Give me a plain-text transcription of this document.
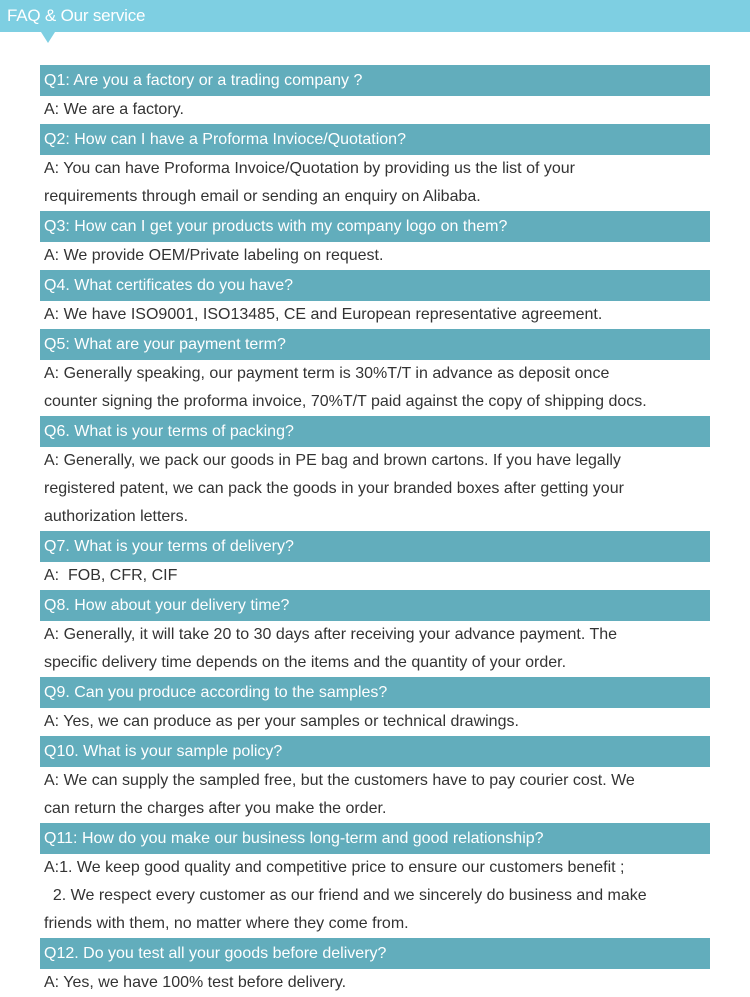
FAQ & Our service
Q1: Are you a factory or a trading company ?
A: We are a factory.
Q2: How can I have a Proforma Invioce/Quotation?
A: You can have Proforma Invoice/Quotation by providing us the list of your
requirements through email or sending an enquiry on Alibaba.
Q3: How can I get your products with my company logo on them?
A: We provide OEM/Private labeling on request.
Q4. What certificates do you have?
A: We have ISO9001, ISO13485, CE and European representative agreement.
Q5: What are your payment term?
A: Generally speaking, our payment term is 30%T/T in advance as deposit once
counter signing the proforma invoice, 70%T/T paid against the copy of shipping docs.
Q6. What is your terms of packing?
A: Generally, we pack our goods in PE bag and brown cartons. If you have legally
registered patent, we can pack the goods in your branded boxes after getting your
authorization letters.
Q7. What is your terms of delivery?
A:  FOB, CFR, CIF
Q8. How about your delivery time?
A: Generally, it will take 20 to 30 days after receiving your advance payment. The
specific delivery time depends on the items and the quantity of your order.
Q9. Can you produce according to the samples?
A: Yes, we can produce as per your samples or technical drawings.
Q10. What is your sample policy?
A: We can supply the sampled free, but the customers have to pay courier cost. We
can return the charges after you make the order.
Q11: How do you make our business long-term and good relationship?
A:1. We keep good quality and competitive price to ensure our customers benefit ;
2. We respect every customer as our friend and we sincerely do business and make
friends with them, no matter where they come from.
Q12. Do you test all your goods before delivery?
A: Yes, we have 100% test before delivery.
